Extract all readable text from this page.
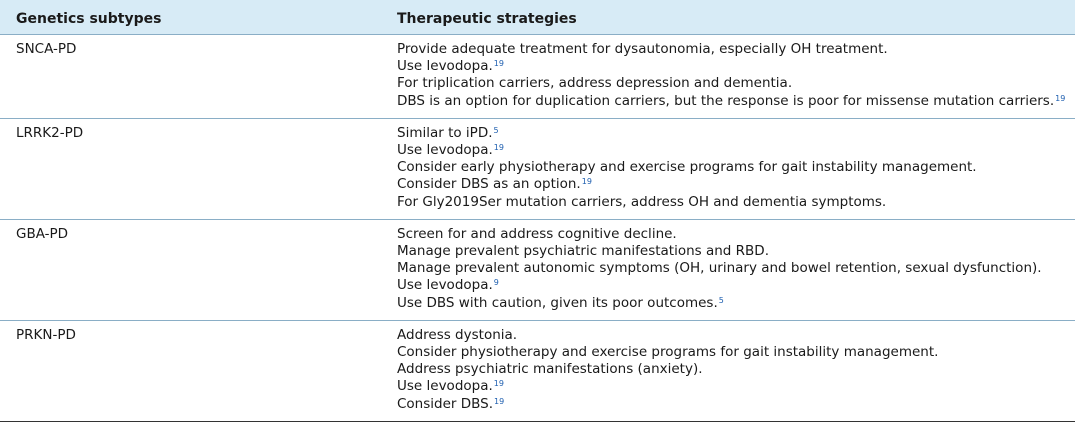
Genetics subtypes	Therapeutic strategies
SNCA-PD	Provide adequate treatment for dysautonomia, especially OH treatment.
Use levodopa.$^{19}$
For triplication carriers, address depression and dementia.
DBS is an option for duplication carriers, but the response is poor for missense mutation carriers.$^{19}$
LRRK2-PD	Similar to iPD.$^5$
Use levodopa.$^{19}$
Consider early physiotherapy and exercise programs for gait instability management.
Consider DBS as an option.$^{19}$
For Gly2019Ser mutation carriers, address OH and dementia symptoms.
GBA-PD	Screen for and address cognitive decline.
Manage prevalent psychiatric manifestations and RBD.
Manage prevalent autonomic symptoms (OH, urinary and bowel retention, sexual dysfunction).
Use levodopa.$^9$
Use DBS with caution, given its poor outcomes.$^5$
PRKN-PD	Address dystonia.
Consider physiotherapy and exercise programs for gait instability management.
Address psychiatric manifestations (anxiety).
Use levodopa.$^{19}$
Consider DBS.$^{19}$
